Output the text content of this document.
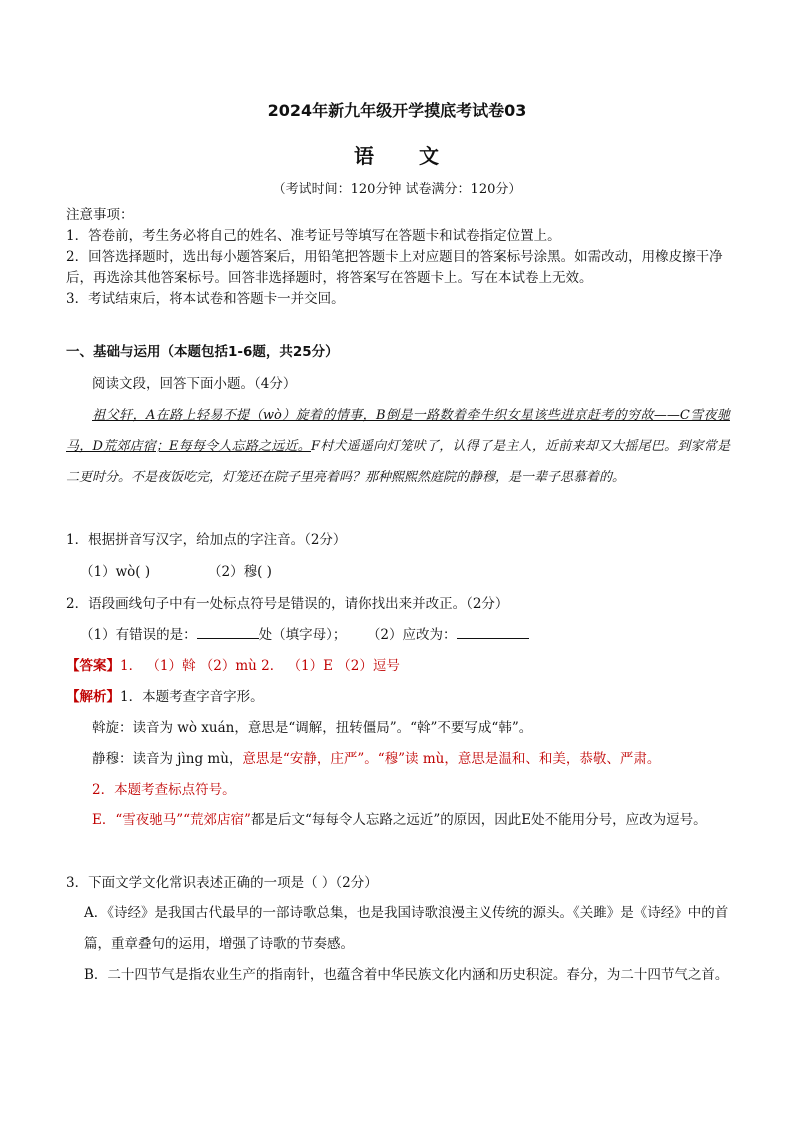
2024年新九年级开学摸底考试卷03
语 文
（考试时间：120分钟 试卷满分：120分）

注意事项：

1．答卷前，考生务必将自己的姓名、准考证号等填写在答题卡和试卷指定位置上。

2．回答选择题时，选出每小题答案后，用铅笔把答题卡上对应题目的答案标号涂黑。如需改动，用橡皮擦干净后，再选涂其他答案标号。回答非选择题时，将答案写在答题卡上。写在本试卷上无效。

3．考试结束后，将本试卷和答题卡一并交回。

一、基础与运用（本题包括1-6题，共25分）
阅读文段，回答下面小题。（4分）
祖父轩，A在路上轻易不提（wò）旋着的情事，B倒是一路数着牵牛织女星该些进京赶考的穷故——C雪夜驰马，D荒郊店宿；E每每令人忘路之远近。F村犬遥遥向灯笼吠了，认得了是主人，近前来却又大摇尾巴。到家常是二更时分。不是夜饭吃完，灯笼还在院子里亮着吗？那种熙熙然庭院的静穆，是一辈子思慕着的。
1．根据拼音写汉字，给加点的字注音。（2分）
（1）wò( )	（2）穆( )
2．语段画线句子中有一处标点符号是错误的，请你找出来并改正。（2分）
（1）有错误的是：	处（填字母）； （2）应改为：
【答案】1． （1）斡 （2）mù 2． （1）E （2）逗号
【解析】1．本题考查字音字形。
斡旋：读音为 wò xuán，意思是“调解，扭转僵局”。“斡”不要写成“韩”。
静穆：读音为 jìng mù，意思是“安静，庄严”。“穆”读 mù，意思是温和、和美，恭敬、严肃。
2．本题考查标点符号。

E．“雪夜驰马”“荒郊店宿”都是后文“每每令人忘路之远近”的原因，因此E处不能用分号，应改为逗号。

3．下面文学文化常识表述正确的一项是（ ）（2分）

A．《诗经》是我国古代最早的一部诗歌总集，也是我国诗歌浪漫主义传统的源头。《关雎》是《诗经》中的首篇，重章叠句的运用，增强了诗歌的节奏感。

B．二十四节气是指农业生产的指南针，也蕴含着中华民族文化内涵和历史积淀。春分，为二十四节气之首。
